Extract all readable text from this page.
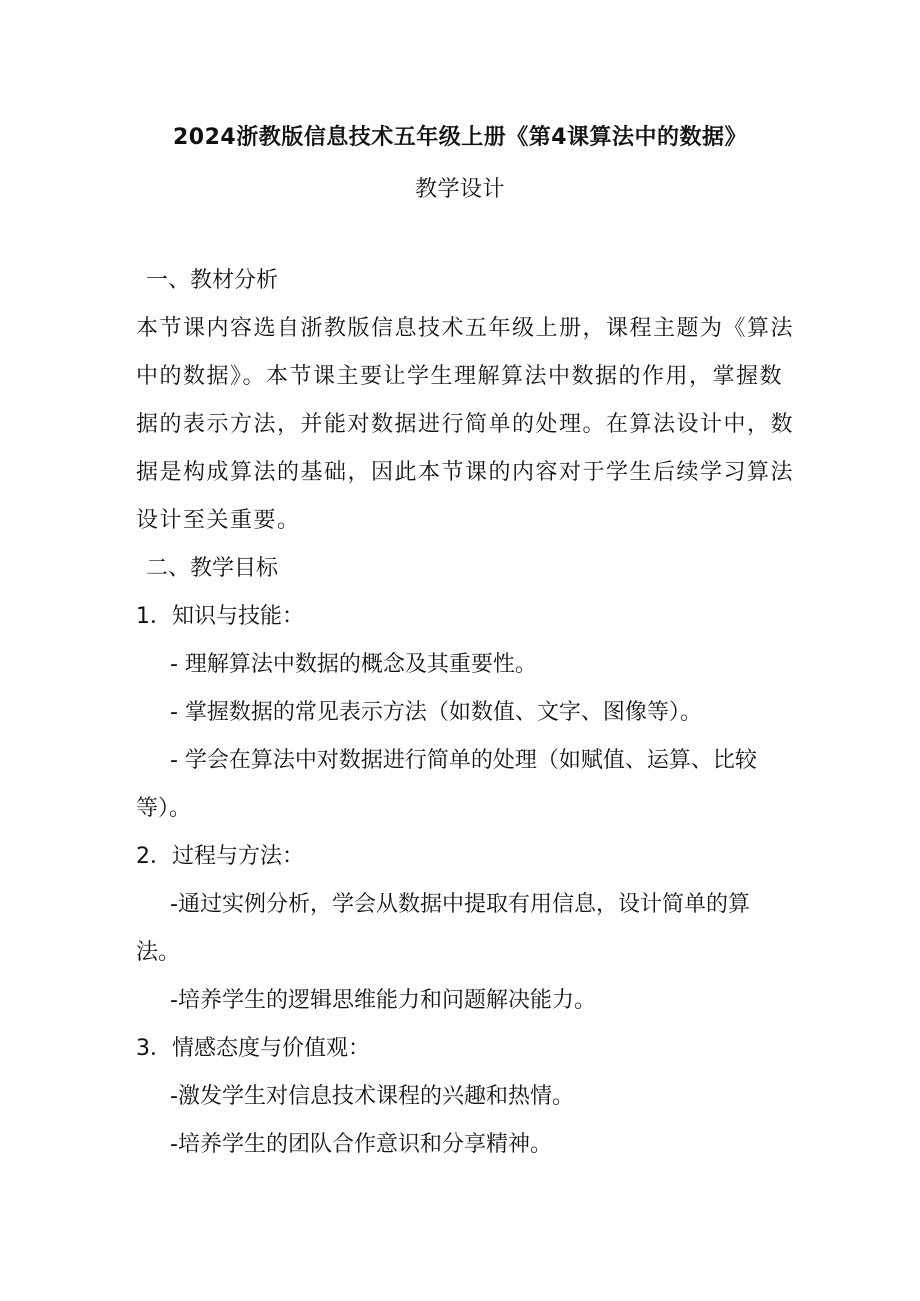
2024浙教版信息技术五年级上册《第4课算法中的数据》
教学设计
一、教材分析
本节课内容选自浙教版信息技术五年级上册，课程主题为《算法
中的数据》。本节课主要让学生理解算法中数据的作用，掌握数
据的表示方法，并能对数据进行简单的处理。在算法设计中，数
据是构成算法的基础，因此本节课的内容对于学生后续学习算法
设计至关重要。
二、教学目标
1．知识与技能：
- 理解算法中数据的概念及其重要性。
- 掌握数据的常见表示方法（如数值、文字、图像等）。
- 学会在算法中对数据进行简单的处理（如赋值、运算、比较
等）。
2．过程与方法：
-通过实例分析，学会从数据中提取有用信息，设计简单的算
法。
-培养学生的逻辑思维能力和问题解决能力。
3．情感态度与价值观：
-激发学生对信息技术课程的兴趣和热情。
-培养学生的团队合作意识和分享精神。
